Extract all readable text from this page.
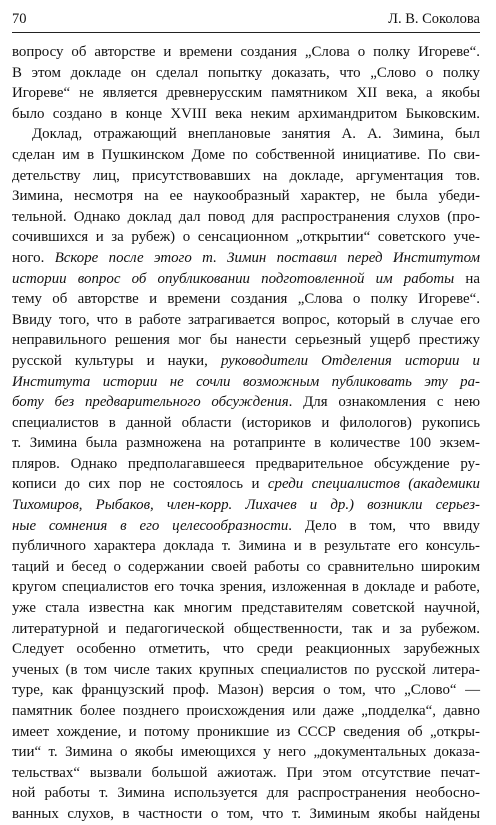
70	Л. В. Соколова
вопросу об авторстве и времени создания „Слова о полку Игореве“.
В этом докладе он сделал попытку доказать, что „Слово о полку
Игореве“ не является древнерусским памятником XII века, а якобы
было создано в конце XVIII века неким архимандритом Быковским.
Доклад, отражающий внеплановые занятия А. А. Зимина, был
сделан им в Пушкинском Доме по собственной инициативе. По сви-
детельству лиц, присутствовавших на докладе, аргументация тов.
Зимина, несмотря на ее наукообразный характер, не была убеди-
тельной. Однако доклад дал повод для распространения слухов (про-
сочившихся и за рубеж) о сенсационном „открытии“ советского уче-
ного. Вскоре после этого т. Зимин поставил перед Институтом
истории вопрос об опубликовании подготовленной им работы на
тему об авторстве и времени создания „Слова о полку Игореве“.
Ввиду того, что в работе затрагивается вопрос, который в случае его
неправильного решения мог бы нанести серьезный ущерб престижу
русской культуры и науки, руководители Отделения истории и
Института истории не сочли возможным публиковать эту ра-
боту без предварительного обсуждения. Для ознакомления с нею
специалистов в данной области (историков и филологов) рукопись
т. Зимина была размножена на ротапринте в количестве 100 экзем-
пляров. Однако предполагавшееся предварительное обсуждение ру-
кописи до сих пор не состоялось и среди специалистов (академики
Тихомиров, Рыбаков, член-корр. Лихачев и др.) возникли серьез-
ные сомнения в его целесообразности. Дело в том, что ввиду
публичного характера доклада т. Зимина и в результате его консуль-
таций и бесед о содержании своей работы со сравнительно широким
кругом специалистов его точка зрения, изложенная в докладе и работе,
уже стала известна как многим представителям советской научной,
литературной и педагогической общественности, так и за рубежом.
Следует особенно отметить, что среди реакционных зарубежных
ученых (в том числе таких крупных специалистов по русской литера-
туре, как французский проф. Мазон) версия о том, что „Слово“ —
памятник более позднего происхождения или даже „подделка“, давно
имеет хождение, и потому проникшие из СССР сведения об „откры-
тии“ т. Зимина о якобы имеющихся у него „документальных доказа-
тельствах“ вызвали большой ажиотаж. При этом отсутствие печат-
ной работы т. Зимина используется для распространения необосно-
ванных слухов, в частности о том, что т. Зиминым якобы найдены
